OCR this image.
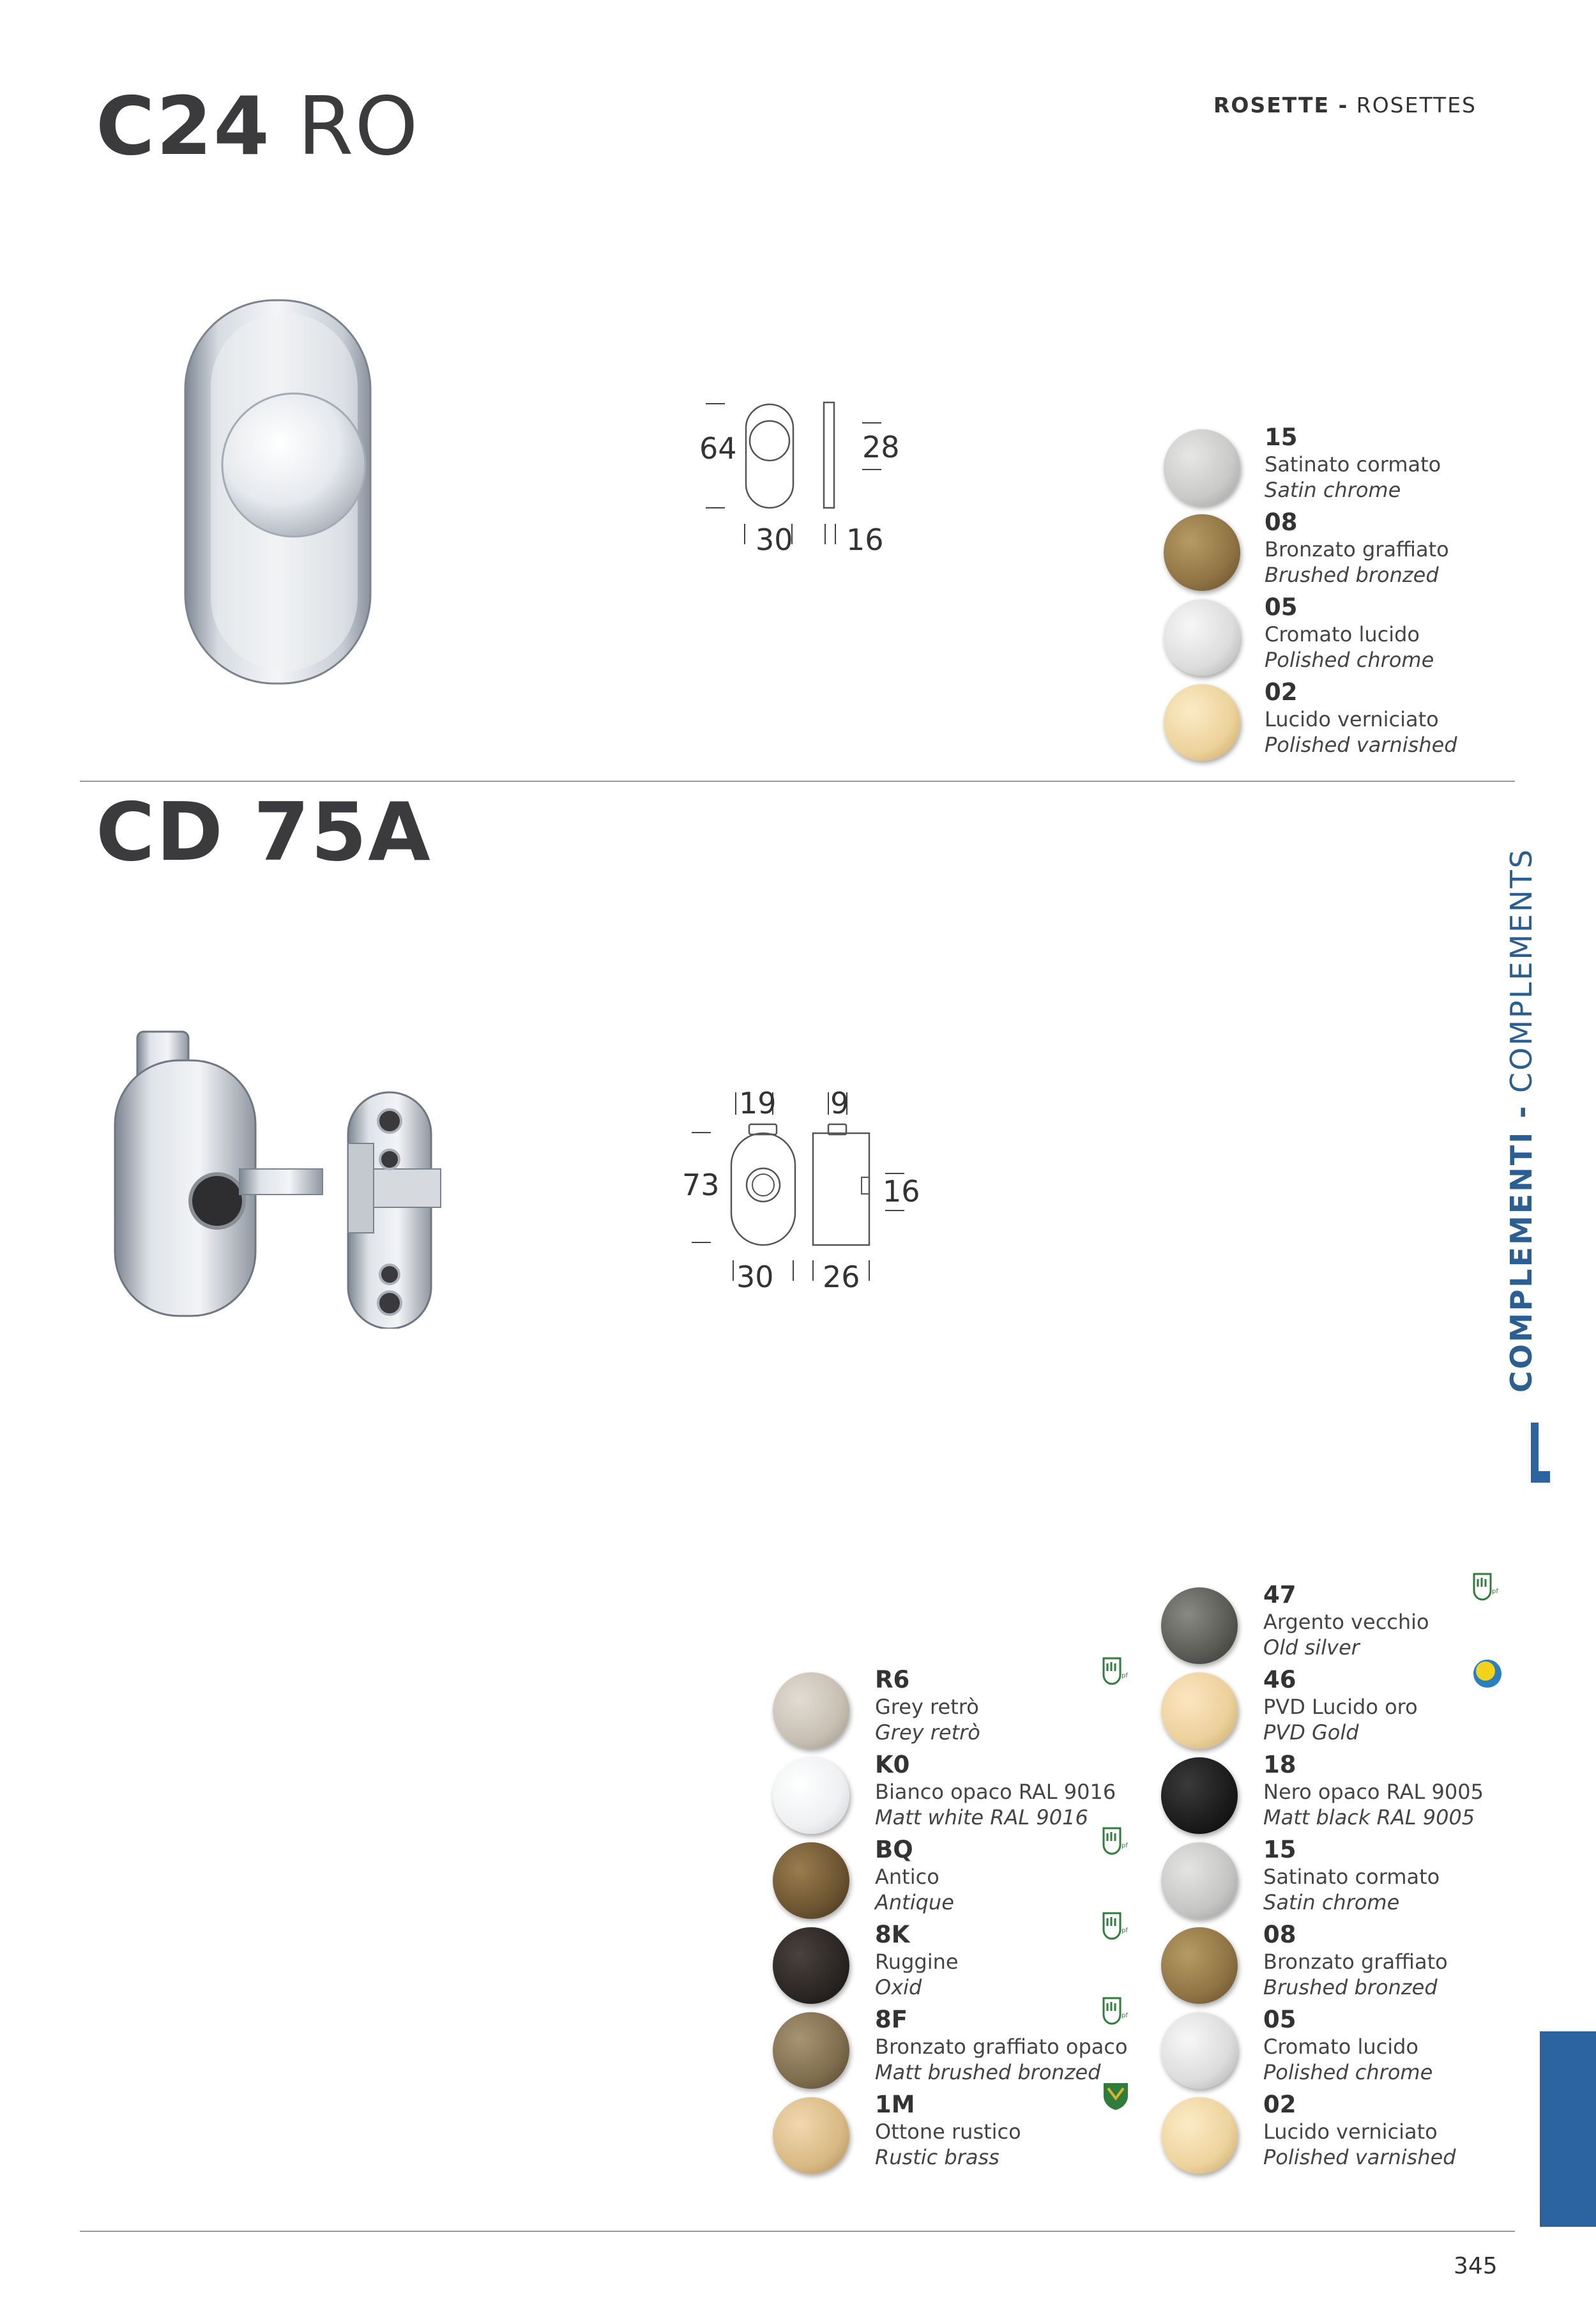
C24 RO	ROSETTE - ROSETTES
64	28
30 16
15
Satinato cormato
Satin chrome
08
Bronzato graffiato
Brushed bronzed
05
Cromato lucido
Polished chrome
02
Lucido verniciato
Polished varnished
CD 75A
19 9
73	16
30 26
R6
Grey retrò
Grey retrò
pf
K0
Bianco opaco RAL 9016
Matt white RAL 9016
BQ
Antico
Antique
pf
8K
Ruggine
Oxid
pf
8F
Bronzato graffiato opaco
Matt brushed bronzed
pf
1M
Ottone rustico
Rustic brass
47
Argento vecchio
Old silver
pf
46
PVD Lucido oro
PVD Gold
18
Nero opaco RAL 9005
Matt black RAL 9005
15
Satinato cormato
Satin chrome
08
Bronzato graffiato
Brushed bronzed
05
Cromato lucido
Polished chrome
02
Lucido verniciato
Polished varnished
COMPLEMENTI - COMPLEMENTS
345
